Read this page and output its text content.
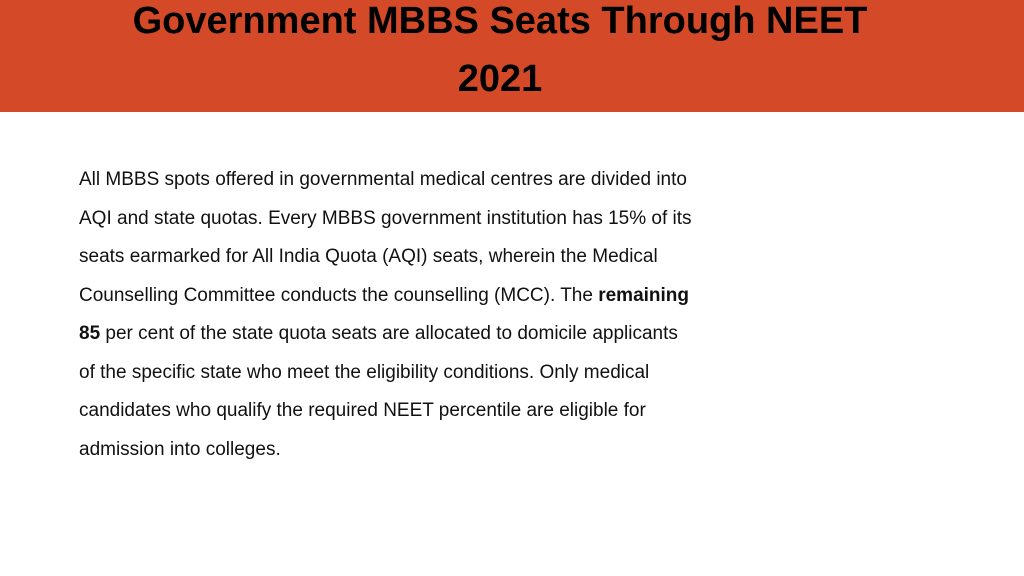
Government MBBS Seats Through NEET
2021

All MBBS spots offered in governmental medical centres are divided into
AQI and state quotas. Every MBBS government institution has 15% of its
seats earmarked for All India Quota (AQI) seats, wherein the Medical
Counselling Committee conducts the counselling (MCC). The remaining
85 per cent of the state quota seats are allocated to domicile applicants
of the specific state who meet the eligibility conditions. Only medical
candidates who qualify the required NEET percentile are eligible for
admission into colleges.
